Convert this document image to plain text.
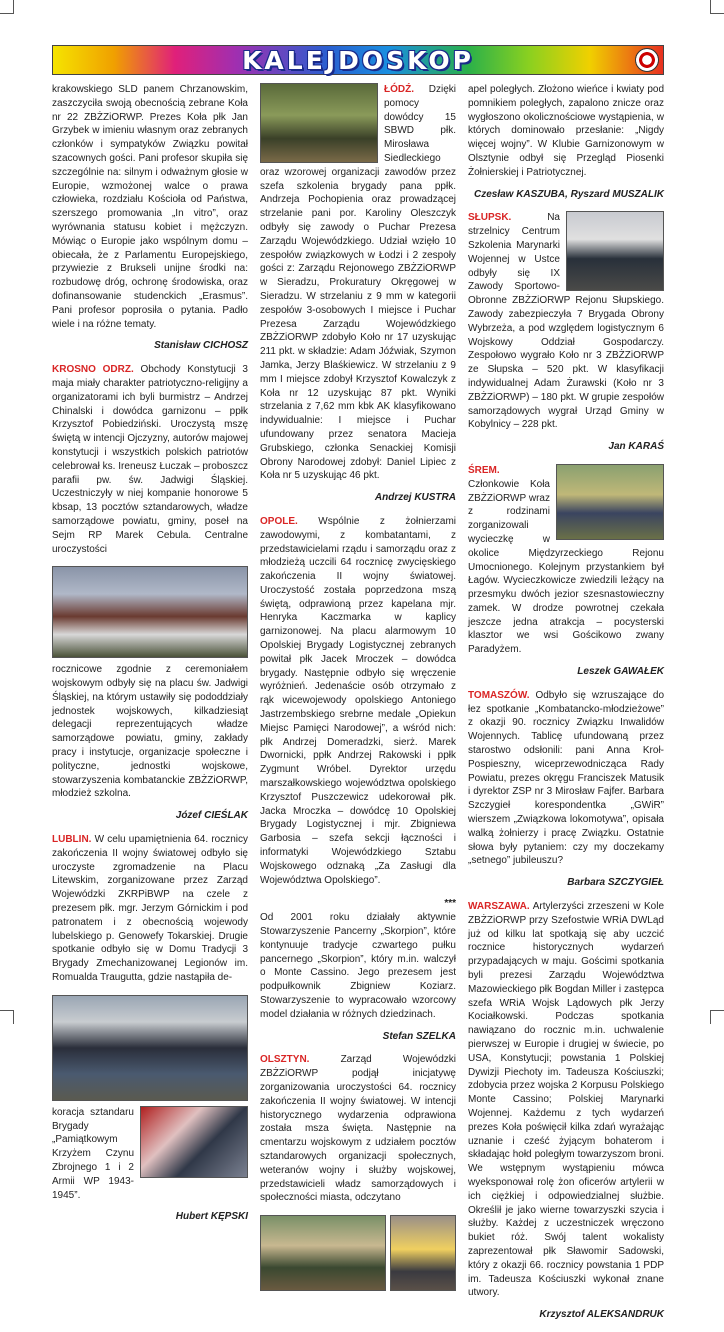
KALEJDOSKOP

krakowskiego SLD panem Chrzanowskim, zaszczyciła swoją obecnością zebrane Koła nr 22 ZBŻZiORWP. Prezes Koła płk Jan Grzybek w imieniu własnym oraz zebranych członków i sympatyków Związku powitał szacownych gości. Pani profesor skupiła się szczególnie na: silnym i odważnym głosie w Europie, wzmożonej walce o prawa człowieka, rozdziału Kościoła od Państwa, szerszego promowania „In vitro”, oraz wyrównania statusu kobiet i mężczyzn. Mówiąc o Europie jako wspólnym domu – obiecała, że z Parlamentu Europejskiego, przywiezie z Brukseli unijne środki na: rozbudowę dróg, ochronę środowiska, oraz dofinansowanie studenckich „Erasmus”. Pani profesor poprosiła o pytania. Padło wiele i na różne tematy.

Stanisław CICHOSZ

KROSNO ODRZ. Obchody Konstytucji 3 maja miały charakter patriotyczno-religijny a organizatorami ich byli burmistrz – Andrzej Chinalski i dowódca garnizonu – ppłk Krzysztof Pobiedziński. Uroczystą mszę świętą w intencji Ojczyzny, autorów majowej konstytucji i wszystkich polskich patriotów celebrował ks. Ireneusz Łuczak – proboszcz parafii pw. św. Jadwigi Śląskiej. Uczestniczyły w niej kompanie honorowe 5 kbsap, 13 pocztów sztandarowych, władze samorządowe powiatu, gminy, poseł na Sejm RP Marek Cebula. Centralne uroczystości

rocznicowe zgodnie z ceremoniałem wojskowym odbyły się na placu św. Jadwigi Śląskiej, na którym ustawiły się pododdziały jednostek wojskowych, kilkadziesiąt delegacji reprezentujących władze samorządowe powiatu, gminy, zakłady pracy i instytucje, organizacje społeczne i polityczne, jednostki wojskowe, stowarzyszenia kombatanckie ZBŻZiORWP, młodzież szkolna.

Józef CIEŚLAK

LUBLIN. W celu upamiętnienia 64. rocznicy zakończenia II wojny światowej odbyło się uroczyste zgromadzenie na Placu Litewskim, zorganizowane przez Zarząd Wojewódzki ZKRPiBWP na czele z prezesem płk. mgr. Jerzym Górnickim i pod patronatem i z obecnością wojewody lubelskiego p. Genowefy Tokarskiej. Drugie spotkanie odbyło się w Domu Tradycji 3 Brygady Zmechanizowanej Legionów im. Romualda Traugutta, gdzie nastąpiła de-

koracja sztandaru Brygady „Pamiątkowym Krzyżem Czynu Zbrojnego 1 i 2 Armii WP 1943-1945”.

Hubert KĘPSKI

ŁÓDŹ. Dzięki pomocy dowódcy 15 SBWD płk. Mirosława Siedleckiego oraz wzorowej organizacji zawodów przez szefa szkolenia brygady pana ppłk. Andrzeja Pochopienia oraz prowadzącej strzelanie pani por. Karoliny Oleszczyk odbyły się zawody o Puchar Prezesa Zarządu Wojewódzkiego. Udział wzięło 10 zespołów związkowych w Łodzi i 2 zespoły gości z: Zarządu Rejonowego ZBŻZiORWP w Sieradzu, Prokuratury Okręgowej w Sieradzu. W strzelaniu z 9 mm w kategorii zespołów 3-osobowych I miejsce i Puchar Prezesa Zarządu Wojewódzkiego ZBŻZiORWP zdobyło Koło nr 17 uzyskując 211 pkt. w składzie: Adam Jóźwiak, Szymon Jamka, Jerzy Blaśkiewicz. W strzelaniu z 9 mm I miejsce zdobył Krzysztof Kowalczyk z Koła nr 12 uzyskując 87 pkt. Wyniki strzelania z 7,62 mm kbk AK klasyfikowano indywidualnie: I miejsce i Puchar ufundowany przez senatora Macieja Grubskiego, członka Senackiej Komisji Obrony Narodowej zdobył: Daniel Lipiec z Koła nr 5 uzyskując 46 pkt.

Andrzej KUSTRA

OPOLE. Wspólnie z żołnierzami zawodowymi, z kombatantami, z przedstawicielami rządu i samorządu oraz z młodzieżą uczcili 64 rocznicę zwycięskiego zakończenia II wojny światowej. Uroczystość została poprzedzona mszą świętą, odprawioną przez kapelana mjr. Henryka Kaczmarka w kaplicy garnizonowej. Na placu alarmowym 10 Opolskiej Brygady Logistycznej zebranych powitał płk Jacek Mroczek – dowódca brygady. Następnie odbyło się wręczenie wyróżnień. Jedenaście osób otrzymało z rąk wicewojewody opolskiego Antoniego Jastrzembskiego srebrne medale „Opiekun Miejsc Pamięci Narodowej”, a wśród nich: płk Andrzej Domeradzki, sierż. Marek Dwornicki, ppłk Andrzej Rakowski i ppłk Zygmunt Wróbel. Dyrektor urzędu marszałkowskiego województwa opolskiego Krzysztof Puszczewicz udekorował płk. Jacka Mroczka – dowódcę 10 Opolskiej Brygady Logistycznej i mjr. Zbigniewa Garbosia – szefa sekcji łączności i informatyki Wojewódzkiego Sztabu Wojskowego odznaką „Za Zasługi dla Województwa Opolskiego”.

***

Od 2001 roku działały aktywnie Stowarzyszenie Pancerny „Skorpion”, które kontynuuje tradycje czwartego pułku pancernego „Skorpion”, który m.in. walczył o Monte Cassino. Jego prezesem jest podpułkownik Zbigniew Koziarz. Stowarzyszenie to wypracowało wzorcowy model działania w różnych dziedzinach.

Stefan SZELKA

OLSZTYN.	Zarząd Wojewódzki ZBŻZiORWP podjął inicjatywę zorganizowania uroczystości 64. rocznicy zakończenia II wojny światowej. W intencji historycznego wydarzenia odprawiona została msza święta. Następnie na cmentarzu wojskowym z udziałem pocztów sztandarowych organizacji społecznych, weteranów wojny i służby wojskowej, przedstawicieli władz samorządowych i społeczności miasta, odczytano

apel poległych. Złożono wieńce i kwiaty pod pomnikiem poległych, zapalono znicze oraz wygłoszono okolicznościowe wystąpienia, w których dominowało przesłanie: „Nigdy więcej wojny”. W Klubie Garnizonowym w Olsztynie odbył się Przegląd Piosenki Żołnierskiej i Patriotycznej.

Czesław KASZUBA, Ryszard MUSZALIK

SŁUPSK.	Na strzelnicy Centrum Szkolenia Marynarki Wojennej w Ustce odbyły się IX Zawody Sportowo-Obronne ZBŻZiORWP Rejonu Słupskiego. Zawody zabezpieczyła 7 Brygada Obrony Wybrzeża, a pod względem logistycznym 6 Wojskowy Oddział Gospodarczy. Zespołowo wygrało Koło nr 3 ZBŻZiORWP ze Słupska – 520 pkt. W klasyfikacji indywidualnej Adam Żurawski (Koło nr 3 ZBŻZiORWP) – 180 pkt. W grupie zespołów samorządowych wygrał Urząd Gminy w Kobylnicy – 228 pkt.

Jan KARAŚ

ŚREM. Członkowie Koła ZBŻZiORWP wraz z rodzinami zorganizowali wycieczkę w okolice Międzyrzeckiego Rejonu Umocnionego. Kolejnym przystankiem był Łagów. Wycieczkowicze zwiedzili leżący na przesmyku dwóch jezior szesnastowieczny zamek. W drodze powrotnej czekała jeszcze jedna atrakcja – pocysterski klasztor we wsi Gościkowo zwany Paradyżem.

Leszek GAWAŁEK

TOMASZÓW. Odbyło się wzruszające do łez spotkanie „Kombatancko-młodzieżowe” z okazji 90. rocznicy Związku Inwalidów Wojennych. Tablicę ufundowaną przez starostwo odsłonili: pani Anna Kroł-Pospieszny, wiceprzewodnicząca Rady Powiatu, prezes okręgu Franciszek Matusik i dyrektor ZSP nr 3 Mirosław Fajfer. Barbara Szczygieł korespondentka „GWiR” wierszem „Związkowa lokomotywa”, opisała walką żołnierzy i pracę Związku. Ostatnie słowa były pytaniem: czy my doczekamy „setnego” jubileuszu?

Barbara SZCZYGIEŁ

WARSZAWA. Artylerzyści zrzeszeni w Kole ZBŻZiORWP przy Szefostwie WRiA DWLąd już od kilku lat spotkają się aby uczcić rocznice historycznych wydarzeń przypadających w maju. Gościmi spotkania byli prezesi Zarządu Województwa Mazowieckiego płk Bogdan Miller i zastępca szefa WRiA Wojsk Lądowych płk Jerzy Kociałkowski. Podczas spotkania nawiązano do rocznic m.in. uchwalenie pierwszej w Europie i drugiej w świecie, po USA, Konstytucji; powstania 1 Polskiej Dywizji Piechoty im. Tadeusza Kościuszki; zdobycia przez wojska 2 Korpusu Polskiego Monte Cassino; Polskiej Marynarki Wojennej. Każdemu z tych wydarzeń prezes Koła poświęcił kilka zdań wyrażając uznanie i cześć żyjącym bohaterom i składając hołd poległym towarzyszom broni. We wstępnym wystąpieniu mówca wyeksponował rolę żon oficerów artylerii w ich ciężkiej i odpowiedzialnej służbie. Określił je jako wierne towarzyszki szycia i służby. Każdej z uczestniczek wręczono bukiet róż. Swój talent wokalisty zaprezentował płk Sławomir Sadowski, który z okazji 66. rocznicy powstania 1 PDP im. Tadeusza Kościuszki wykonał znane utwory.

Krzysztof ALEKSANDRUK
